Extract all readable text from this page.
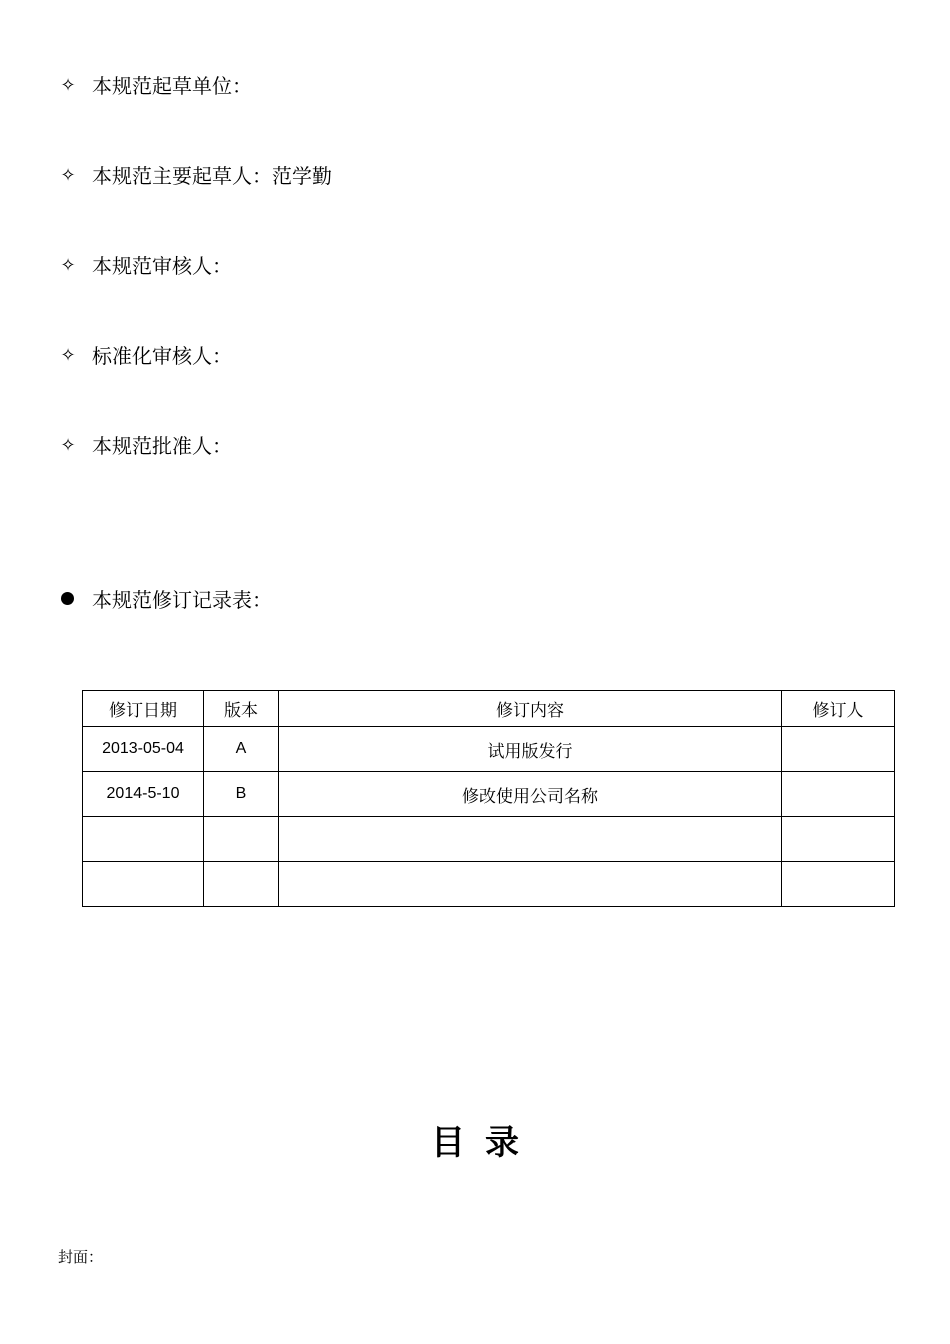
✧ 本规范起草单位：
✧ 本规范主要起草人：范学勤
✧ 本规范审核人：
✧ 标准化审核人：
✧ 本规范批准人：
本规范修订记录表：
修订日期	版本	修订内容	修订人
2013-05-04	A	试用版发行	
2014-5-10	B	修改使用公司名称	

目录
封面：
